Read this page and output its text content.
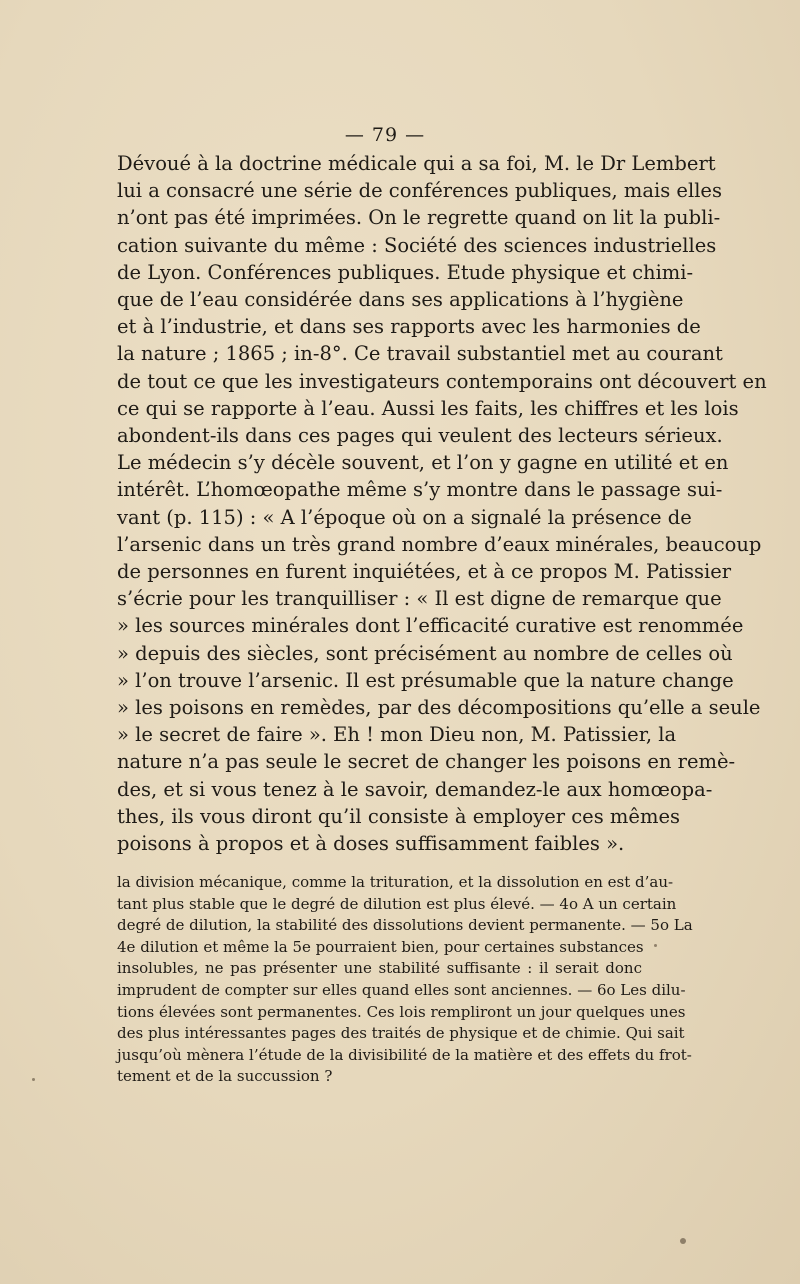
— 79 —
Dévoué à la doctrine médicale qui a sa foi, M. le Dr Lembert
lui a consacré une série de conférences publiques, mais elles
n’ont pas été imprimées. On le regrette quand on lit la publi-
cation suivante du même : Société des sciences industrielles
de Lyon. Conférences publiques. Etude physique et chimi-
que de l’eau considérée dans ses applications à l’hygiène
et à l’industrie, et dans ses rapports avec les harmonies de
la nature ; 1865 ; in-8°. Ce travail substantiel met au courant
de tout ce que les investigateurs contemporains ont découvert en
ce qui se rapporte à l’eau. Aussi les faits, les chiffres et les lois
abondent-ils dans ces pages qui veulent des lecteurs sérieux.
Le médecin s’y décèle souvent, et l’on y gagne en utilité et en
intérêt. L’homœopathe même s’y montre dans le passage sui-
vant (p. 115) : « A l’époque où on a signalé la présence de
l’arsenic dans un très grand nombre d’eaux minérales, beaucoup
de personnes en furent inquiétées, et à ce propos M. Patissier
s’écrie pour les tranquilliser : « Il est digne de remarque que
» les sources minérales dont l’efficacité curative est renommée
» depuis des siècles, sont précisément au nombre de celles où
» l’on trouve l’arsenic. Il est présumable que la nature change
» les poisons en remèdes, par des décompositions qu’elle a seule
» le secret de faire ». Eh ! mon Dieu non, M. Patissier, la
nature n’a pas seule le secret de changer les poisons en remè-
des, et si vous tenez à le savoir, demandez-le aux homœopa-
thes, ils vous diront qu’il consiste à employer ces mêmes
poisons à propos et à doses suffisamment faibles ».
la division mécanique, comme la trituration, et la dissolution en est d’au-
tant plus stable que le degré de dilution est plus élevé. — 4o A un certain
degré de dilution, la stabilité des dissolutions devient permanente. — 5o La
4e dilution et même la 5e pourraient bien, pour certaines substances
insolubles, ne pas présenter une stabilité suffisante : il serait donc
imprudent de compter sur elles quand elles sont anciennes. — 6o Les dilu-
tions élevées sont permanentes. Ces lois rempliront un jour quelques unes
des plus intéressantes pages des traités de physique et de chimie. Qui sait
jusqu’où mènera l’étude de la divisibilité de la matière et des effets du frot-
tement et de la succussion ?
